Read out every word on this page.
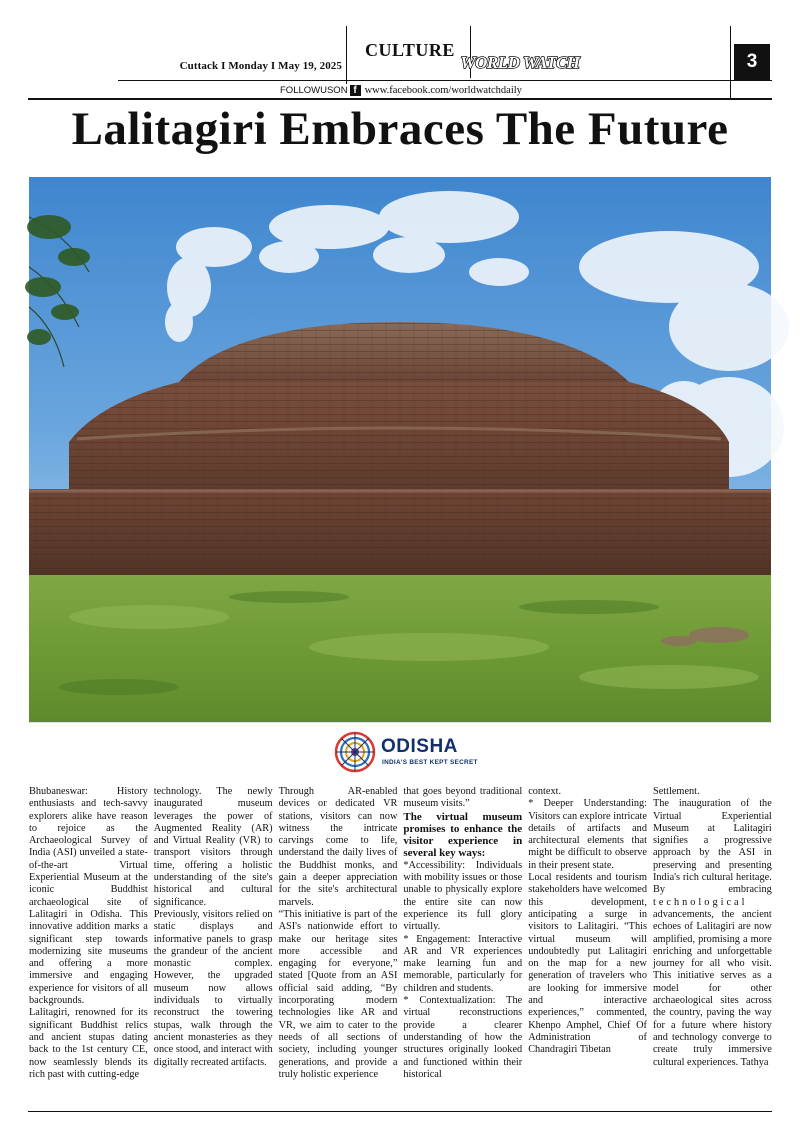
Cuttack I Monday I May 19, 2025
CULTURE
WORLD WATCH	3
FOLLOWUSON f www.facebook.com/worldwatchdaily
Lalitagiri Embraces The Future
ODISHA
INDIA'S BEST KEPT SECRET

Bhubaneswar: History enthusiasts and tech-savvy explorers alike have reason to rejoice as the Archaeological Survey of India (ASI) unveiled a state-of-the-art Virtual Experiential Museum at the iconic Buddhist archaeological site of Lalitagiri in Odisha. This innovative addition marks a significant step towards modernizing site museums and offering a more immersive and engaging experience for visitors of all backgrounds.

Lalitagiri, renowned for its significant Buddhist relics and ancient stupas dating back to the 1st century CE, now seamlessly blends its rich past with cutting-edge

technology. The newly inaugurated museum leverages the power of Augmented Reality (AR) and Virtual Reality (VR) to transport visitors through time, offering a holistic understanding of the site's historical and cultural significance.

Previously, visitors relied on static displays and informative panels to grasp the grandeur of the ancient monastic complex. However, the upgraded museum now allows individuals to virtually reconstruct the towering stupas, walk through the ancient monasteries as they once stood, and interact with digitally recreated artifacts.

Through AR-enabled devices or dedicated VR stations, visitors can now witness the intricate carvings come to life, understand the daily lives of the Buddhist monks, and gain a deeper appreciation for the site's architectural marvels.

“This initiative is part of the ASI's nationwide effort to make our heritage sites more accessible and engaging for everyone,” stated [Quote from an ASI official said adding, “By incorporating modern technologies like AR and VR, we aim to cater to the needs of all sections of society, including younger generations, and provide a truly holistic experience

that goes beyond traditional museum visits.”

The virtual museum promises to enhance the visitor experience in several key ways:

*Accessibility: Individuals with mobility issues or those unable to physically explore the entire site can now experience its full glory virtually.

* Engagement: Interactive AR and VR experiences make learning fun and memorable, particularly for children and students.

* Contextualization: The virtual reconstructions provide a clearer understanding of how the structures originally looked and functioned within their historical

context.

* Deeper Understanding: Visitors can explore intricate details of artifacts and architectural elements that might be difficult to observe in their present state.

Local residents and tourism stakeholders have welcomed this development, anticipating a surge in visitors to Lalitagiri. “This virtual museum will undoubtedly put Lalitagiri on the map for a new generation of travelers who are looking for immersive and interactive experiences,” commented, Khenpo Amphel, Chief Of Administration of Chandragiri Tibetan

Settlement.

The inauguration of the Virtual Experiential Museum at Lalitagiri signifies a progressive approach by the ASI in preserving and presenting India's rich cultural heritage. By embracing technological advancements, the ancient echoes of Lalitagiri are now amplified, promising a more enriching and unforgettable journey for all who visit. This initiative serves as a model for other archaeological sites across the country, paving the way for a future where history and technology converge to create truly immersive cultural experiences. Tathya
